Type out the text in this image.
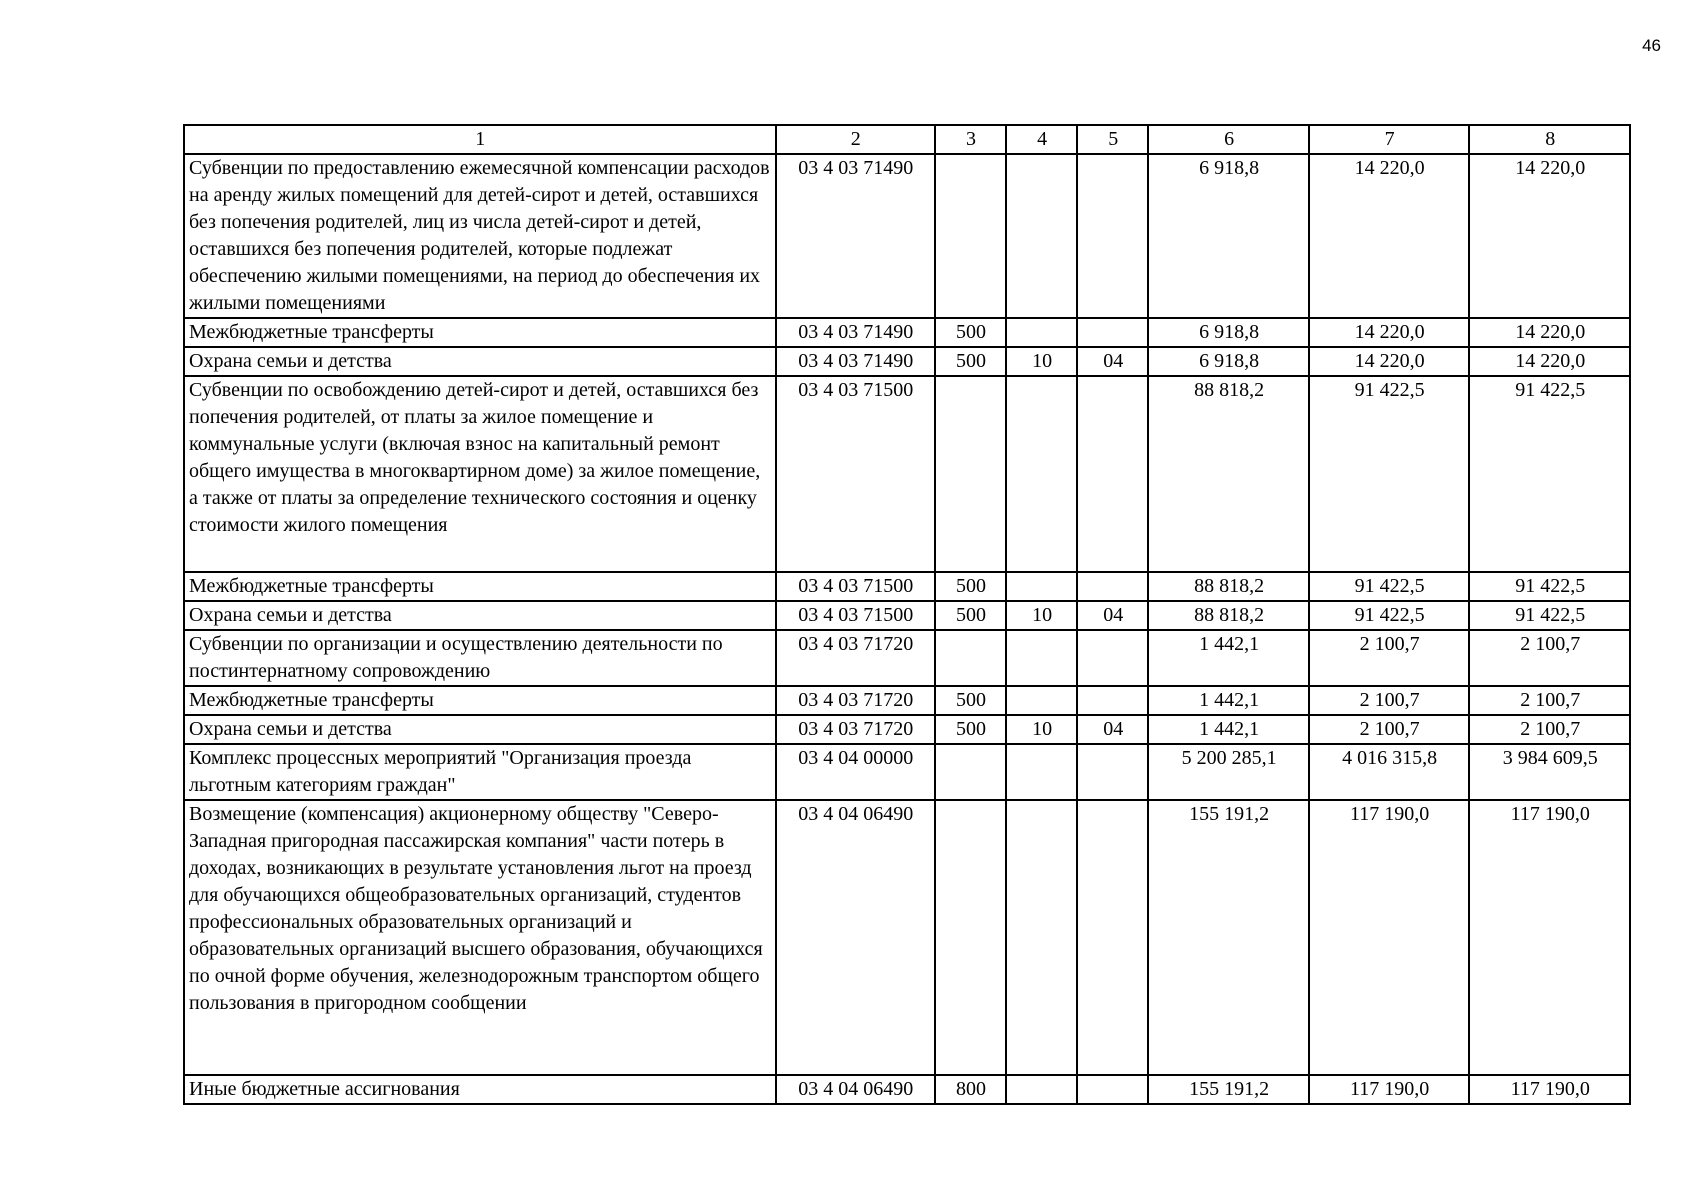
46
1	2	3	4	5	6	7	8
Субвенции по предоставлению ежемесячной компенсации расходов на аренду жилых помещений для детей-сирот и детей, оставшихся без попечения родителей, лиц из числа детей-сирот и детей, оставшихся без попечения родителей, которые подлежат обеспечению жилыми помещениями, на период до обеспечения их жилыми помещениями	03 4 03 71490				6 918,8	14 220,0	14 220,0
Межбюджетные трансферты	03 4 03 71490	500			6 918,8	14 220,0	14 220,0
Охрана семьи и детства	03 4 03 71490	500	10	04	6 918,8	14 220,0	14 220,0
Субвенции по освобождению детей-сирот и детей, оставшихся без попечения родителей, от платы за жилое помещение и коммунальные услуги (включая взнос на капитальный ремонт общего имущества в многоквартирном доме) за жилое помещение, а также от платы за определение технического состояния и оценку стоимости жилого помещения	03 4 03 71500				88 818,2	91 422,5	91 422,5
Межбюджетные трансферты	03 4 03 71500	500			88 818,2	91 422,5	91 422,5
Охрана семьи и детства	03 4 03 71500	500	10	04	88 818,2	91 422,5	91 422,5
Субвенции по организации и осуществлению деятельности по постинтернатному сопровождению	03 4 03 71720				1 442,1	2 100,7	2 100,7
Межбюджетные трансферты	03 4 03 71720	500			1 442,1	2 100,7	2 100,7
Охрана семьи и детства	03 4 03 71720	500	10	04	1 442,1	2 100,7	2 100,7
Комплекс процессных мероприятий "Организация проезда льготным категориям граждан"	03 4 04 00000				5 200 285,1	4 016 315,8	3 984 609,5
Возмещение (компенсация) акционерному обществу "Северо-Западная пригородная пассажирская компания" части потерь в доходах, возникающих в результате установления льгот на проезд для обучающихся общеобразовательных организаций, студентов профессиональных образовательных организаций и образовательных организаций высшего образования, обучающихся по очной форме обучения, железнодорожным транспортом общего пользования в пригородном сообщении	03 4 04 06490				155 191,2	117 190,0	117 190,0
Иные бюджетные ассигнования	03 4 04 06490	800			155 191,2	117 190,0	117 190,0
